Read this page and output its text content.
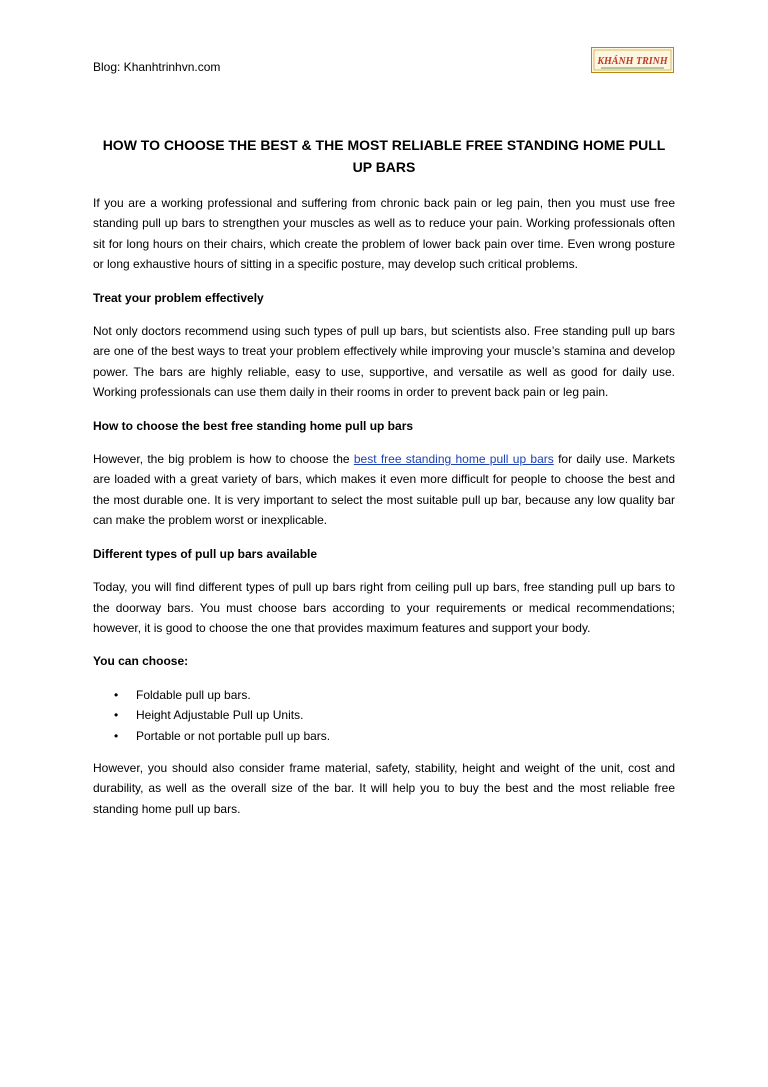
Blog: Khanhtrinhvn.com	KHÁNH TRINH
HOW TO CHOOSE THE BEST & THE MOST RELIABLE FREE STANDING HOME PULL UP BARS

If you are a working professional and suffering from chronic back pain or leg pain, then you must use free standing pull up bars to strengthen your muscles as well as to reduce your pain. Working professionals often sit for long hours on their chairs, which create the problem of lower back pain over time. Even wrong posture or long exhaustive hours of sitting in a specific posture, may develop such critical problems.

Treat your problem effectively

Not only doctors recommend using such types of pull up bars, but scientists also. Free standing pull up bars are one of the best ways to treat your problem effectively while improving your muscle’s stamina and develop power. The bars are highly reliable, easy to use, supportive, and versatile as well as good for daily use. Working professionals can use them daily in their rooms in order to prevent back pain or leg pain.

How to choose the best free standing home pull up bars

However, the big problem is how to choose the best free standing home pull up bars for daily use. Markets are loaded with a great variety of bars, which makes it even more difficult for people to choose the best and the most durable one. It is very important to select the most suitable pull up bar, because any low quality bar can make the problem worst or inexplicable.

Different types of pull up bars available

Today, you will find different types of pull up bars right from ceiling pull up bars, free standing pull up bars to the doorway bars. You must choose bars according to your requirements or medical recommendations; however, it is good to choose the one that provides maximum features and support your body.

You can choose:

• Foldable pull up bars.
• Height Adjustable Pull up Units.
• Portable or not portable pull up bars.

However, you should also consider frame material, safety, stability, height and weight of the unit, cost and durability, as well as the overall size of the bar. It will help you to buy the best and the most reliable free standing home pull up bars.
